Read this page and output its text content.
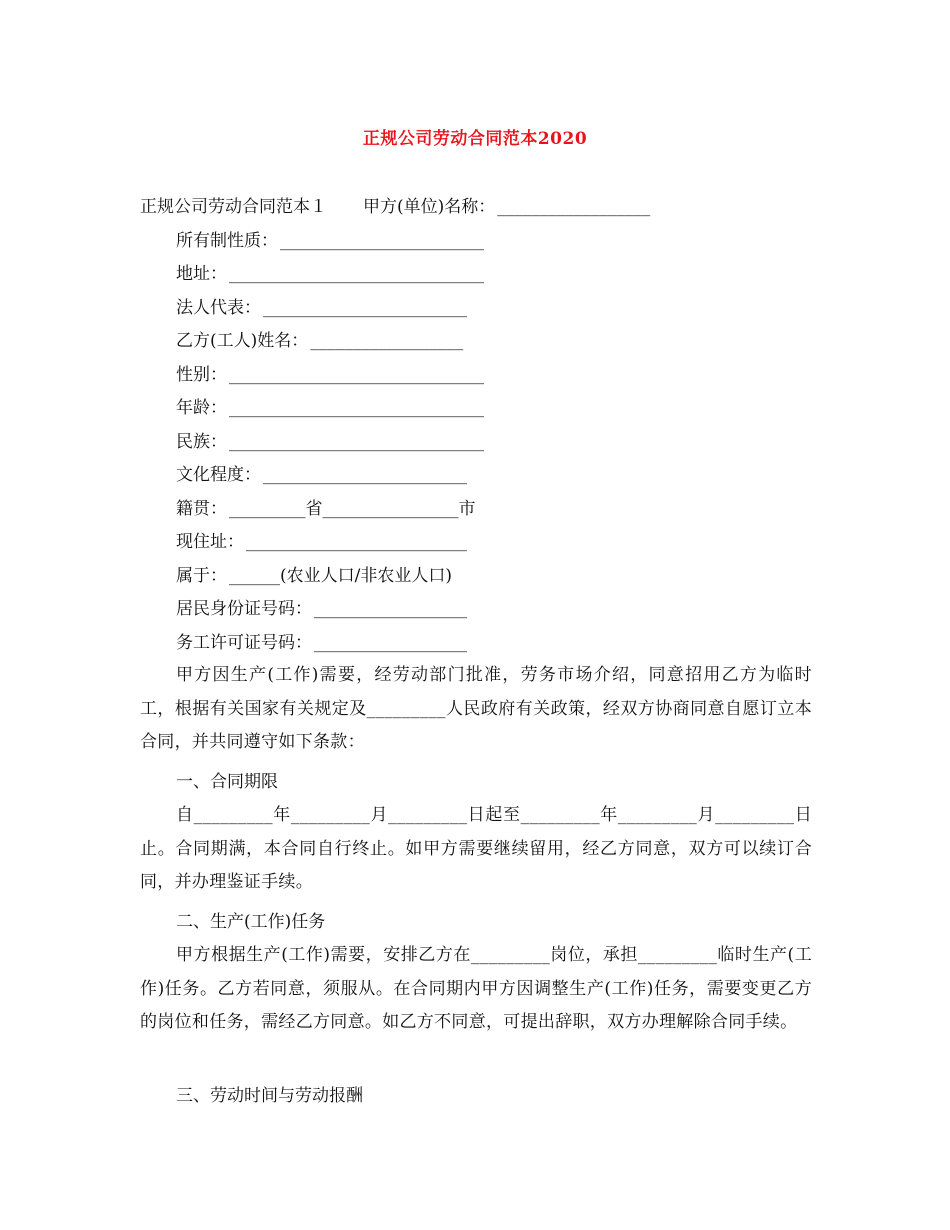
正规公司劳动合同范本2020
正规公司劳动合同范本１ 甲方(单位)名称： __________________
所有制性质： ________________________
地址： ______________________________
法人代表： ________________________
乙方(工人)姓名： __________________
性别： ______________________________
年龄： ______________________________
民族： ______________________________
文化程度： ________________________
籍贯： _________省________________市
现住址： __________________________
属于： ______(农业人口/非农业人口)
居民身份证号码： __________________
务工许可证号码： __________________

甲方因生产(工作)需要，经劳动部门批准，劳务市场介绍，同意招用乙方为临时工，根据有关国家有关规定及_________人民政府有关政策，经双方协商同意自愿订立本合同，并共同遵守如下条款：

一、合同期限

自_________年_________月_________日起至_________年_________月_________日止。合同期满，本合同自行终止。如甲方需要继续留用，经乙方同意，双方可以续订合同，并办理鉴证手续。

二、生产(工作)任务

甲方根据生产(工作)需要，安排乙方在_________岗位，承担_________临时生产(工作)任务。乙方若同意，须服从。在合同期内甲方因调整生产(工作)任务，需要变更乙方的岗位和任务，需经乙方同意。如乙方不同意，可提出辞职，双方办理解除合同手续。

三、劳动时间与劳动报酬
